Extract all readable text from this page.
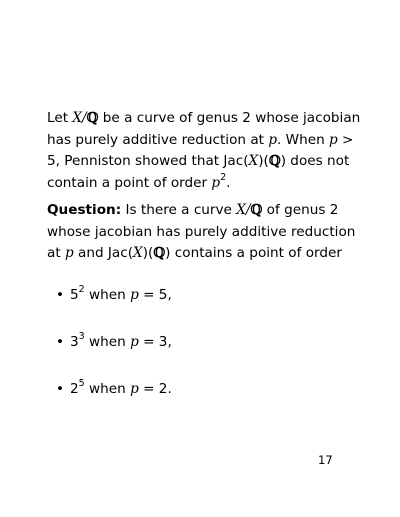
Let X/ℚ be a curve of genus 2 whose jacobian has purely additive reduction at p. When p > 5, Penniston showed that Jac(X)(ℚ) does not contain a point of order $p^2$.

Question: Is there a curve X/ℚ of genus 2 whose jacobian has purely additive reduction at p and Jac(X)(ℚ) contains a point of order

• $5^2$ when p = 5,
• $3^3$ when p = 3,
• $2^5$ when p = 2.
17
